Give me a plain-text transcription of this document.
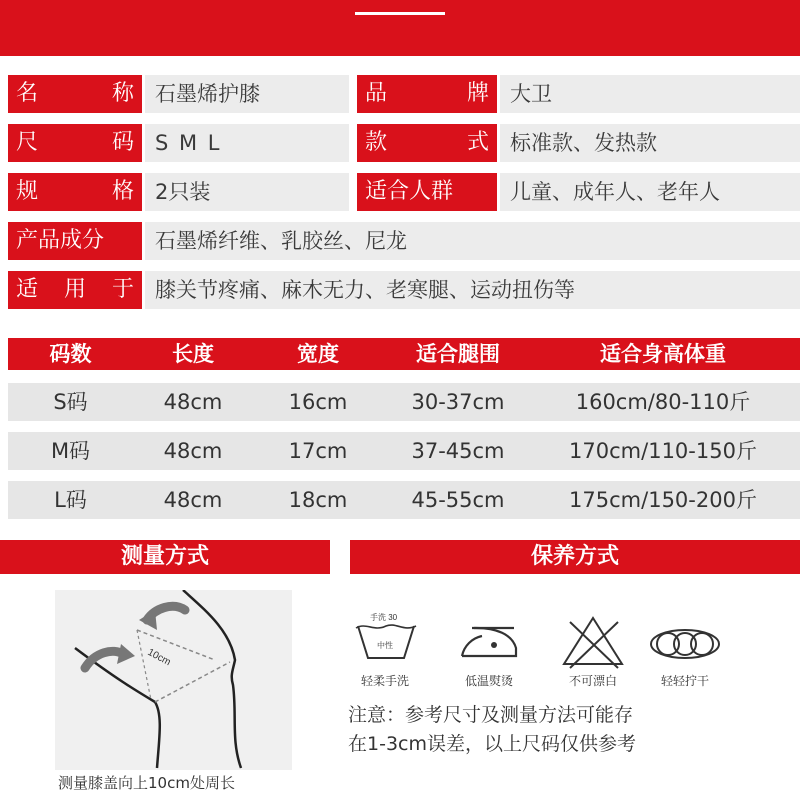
名	称	石墨烯护膝	品	牌	大卫
尺	码	S M L	款	式	标准款、发热款
规	格	2只装	适合人群	儿童、成年人、老年人
产品成分	石墨烯纤维、乳胶丝、尼龙
适 用 于	膝关节疼痛、麻木无力、老寒腿、运动扭伤等
码数	长度	宽度	适合腿围	适合身高体重
S码	48cm	16cm	30-37cm	160cm/80-110斤
M码	48cm	17cm	37-45cm	170cm/110-150斤
L码	48cm	18cm	45-55cm	175cm/150-200斤
测量方式	保养方式
10cm
测量膝盖向上10cm处周长
手洗 30
中性
轻柔手洗	低温熨烫	不可漂白	轻轻拧干
注意：参考尺寸及测量方法可能存
在1-3cm误差，以上尺码仅供参考
